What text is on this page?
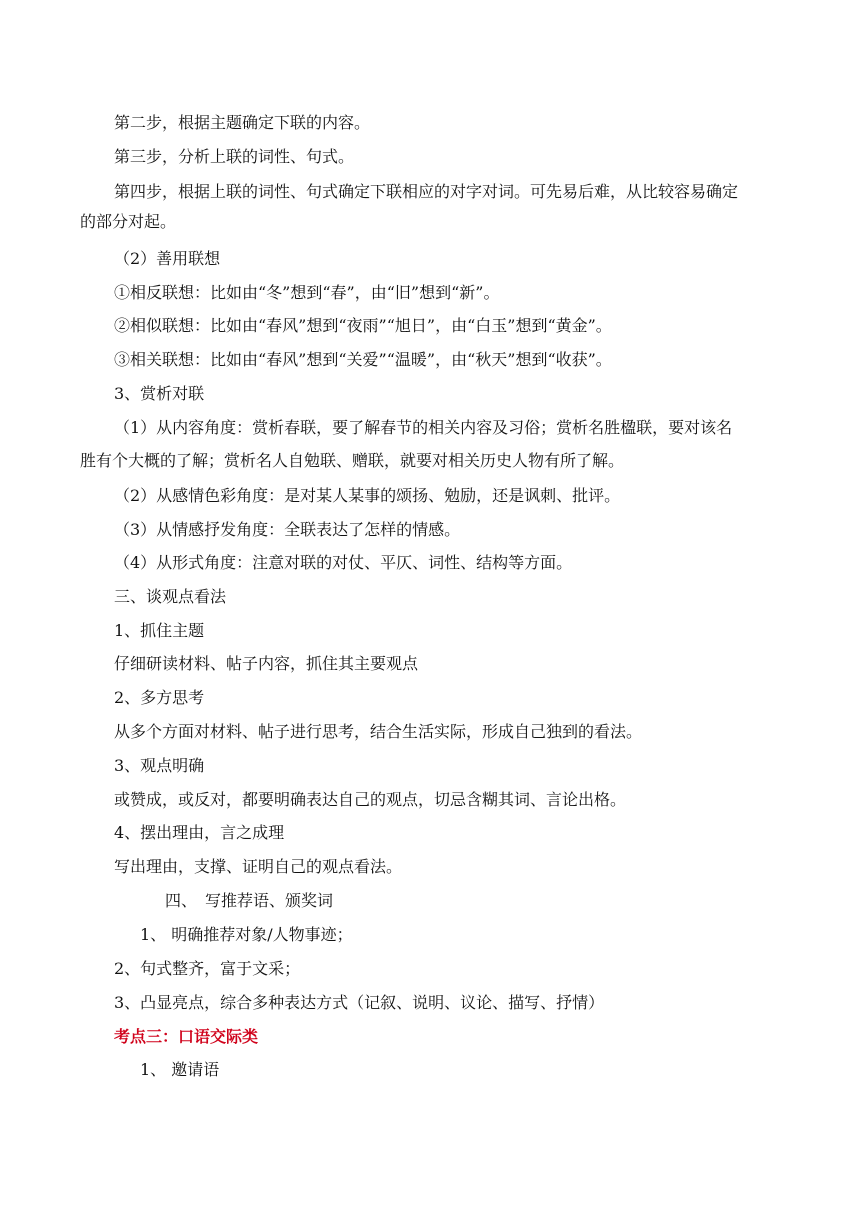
第二步，根据主题确定下联的内容。
第三步，分析上联的词性、句式。
第四步，根据上联的词性、句式确定下联相应的对字对词。可先易后难，从比较容易确定
的部分对起。
（2）善用联想
①相反联想：比如由“冬”想到“春”，由“旧”想到“新”。
②相似联想：比如由“春风”想到“夜雨”“旭日”，由“白玉”想到“黄金”。
③相关联想：比如由“春风”想到“关爱”“温暖”，由“秋天”想到“收获”。
3、赏析对联
（1）从内容角度：赏析春联，要了解春节的相关内容及习俗；赏析名胜楹联，要对该名
胜有个大概的了解；赏析名人自勉联、赠联，就要对相关历史人物有所了解。
（2）从感情色彩角度：是对某人某事的颂扬、勉励，还是讽刺、批评。
（3）从情感抒发角度：全联表达了怎样的情感。
（4）从形式角度：注意对联的对仗、平仄、词性、结构等方面。
三、谈观点看法
1、抓住主题
仔细研读材料、帖子内容，抓住其主要观点
2、多方思考
从多个方面对材料、帖子进行思考，结合生活实际，形成自己独到的看法。
3、观点明确
或赞成，或反对，都要明确表达自己的观点，切忌含糊其词、言论出格。
4、摆出理由，言之成理
写出理由，支撑、证明自己的观点看法。
四、　写推荐语、颁奖词
1、 明确推荐对象/人物事迹；
2、句式整齐，富于文采；
3、凸显亮点，综合多种表达方式（记叙、说明、议论、描写、抒情）
考点三：口语交际类
1、 邀请语
